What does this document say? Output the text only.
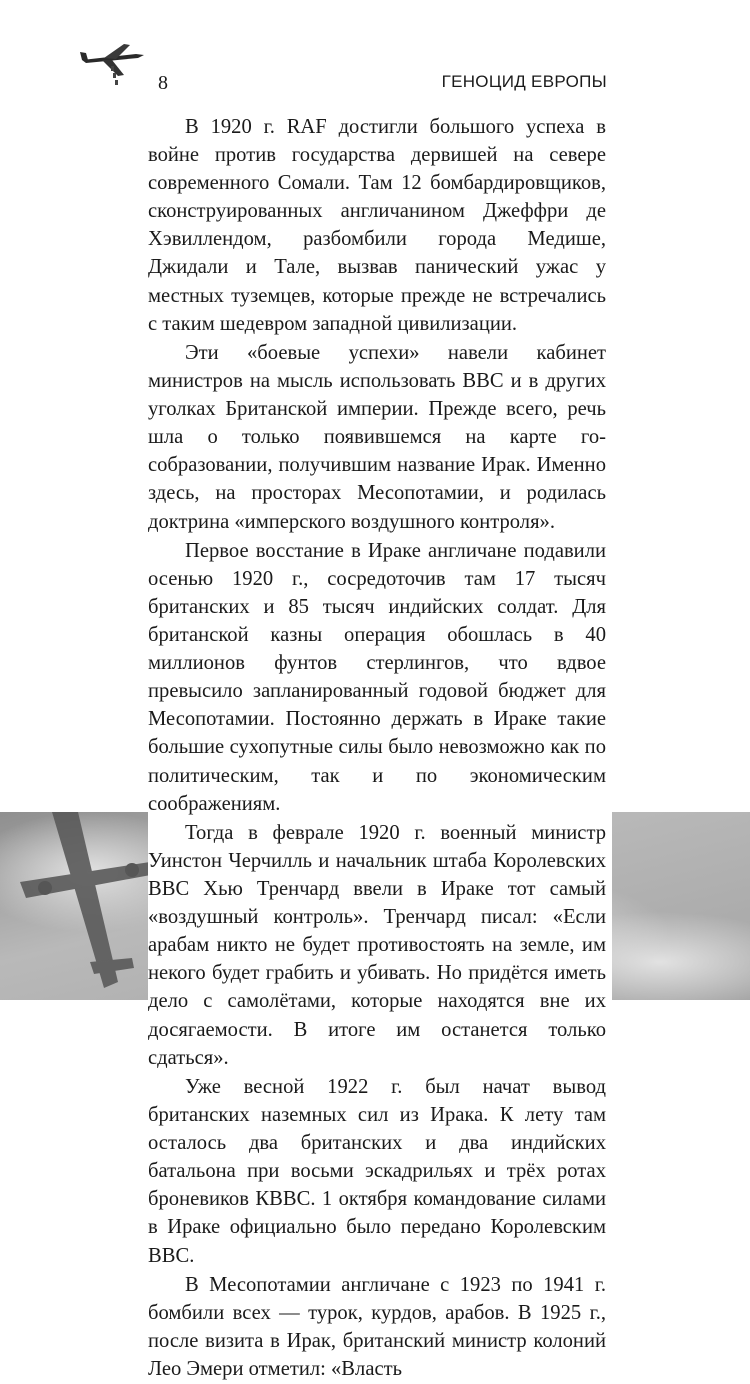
8	ГЕНОЦИД ЕВРОПЫ

В 1920 г. RAF достигли большого успеха в войне против государства дервишей на севере современного Сомали. Там 12 бомбардировщиков, сконструированных англичанином Джеффри де Хэвиллендом, разбомбили города Медише, Джидали и Тале, вызвав панический ужас у местных туземцев, которые прежде не встречались с таким шедевром западной цивилизации.

Эти «боевые успехи» навели кабинет министров на мысль использовать ВВС и в других уголках Британской империи. Прежде всего, речь шла о только появившемся на карте гособразовании, получившим название Ирак. Именно здесь, на просторах Месопотамии, и родилась доктрина «имперского воздушного контроля».

Первое восстание в Ираке англичане подавили осенью 1920 г., сосредоточив там 17 тысяч британских и 85 тысяч индийских солдат. Для британской казны операция обошлась в 40 миллионов фунтов стерлингов, что вдвое превысило запланированный годовой бюджет для Месопотамии. Постоянно держать в Ираке такие большие сухопутные силы было невозможно как по политическим, так и по экономическим соображениям.

Тогда в феврале 1920 г. военный министр Уинстон Черчилль и начальник штаба Королевских ВВС Хью Тренчард ввели в Ираке тот самый «воздушный контроль». Тренчард писал: «Если арабам никто не будет противостоять на земле, им некого будет грабить и убивать. Но придётся иметь дело с самолётами, которые находятся вне их досягаемости. В итоге им останется только сдаться».

Уже весной 1922 г. был начат вывод британских наземных сил из Ирака. К лету там осталось два британских и два индийских батальона при восьми эскадрильях и трёх ротах броневиков КВВС. 1 октября командование силами в Ираке официально было передано Королевским ВВС.

В Месопотамии англичане с 1923 по 1941 г. бомбили всех — турок, курдов, арабов. В 1925 г., после визита в Ирак, британский министр колоний Лео Эмери отметил: «Власть
